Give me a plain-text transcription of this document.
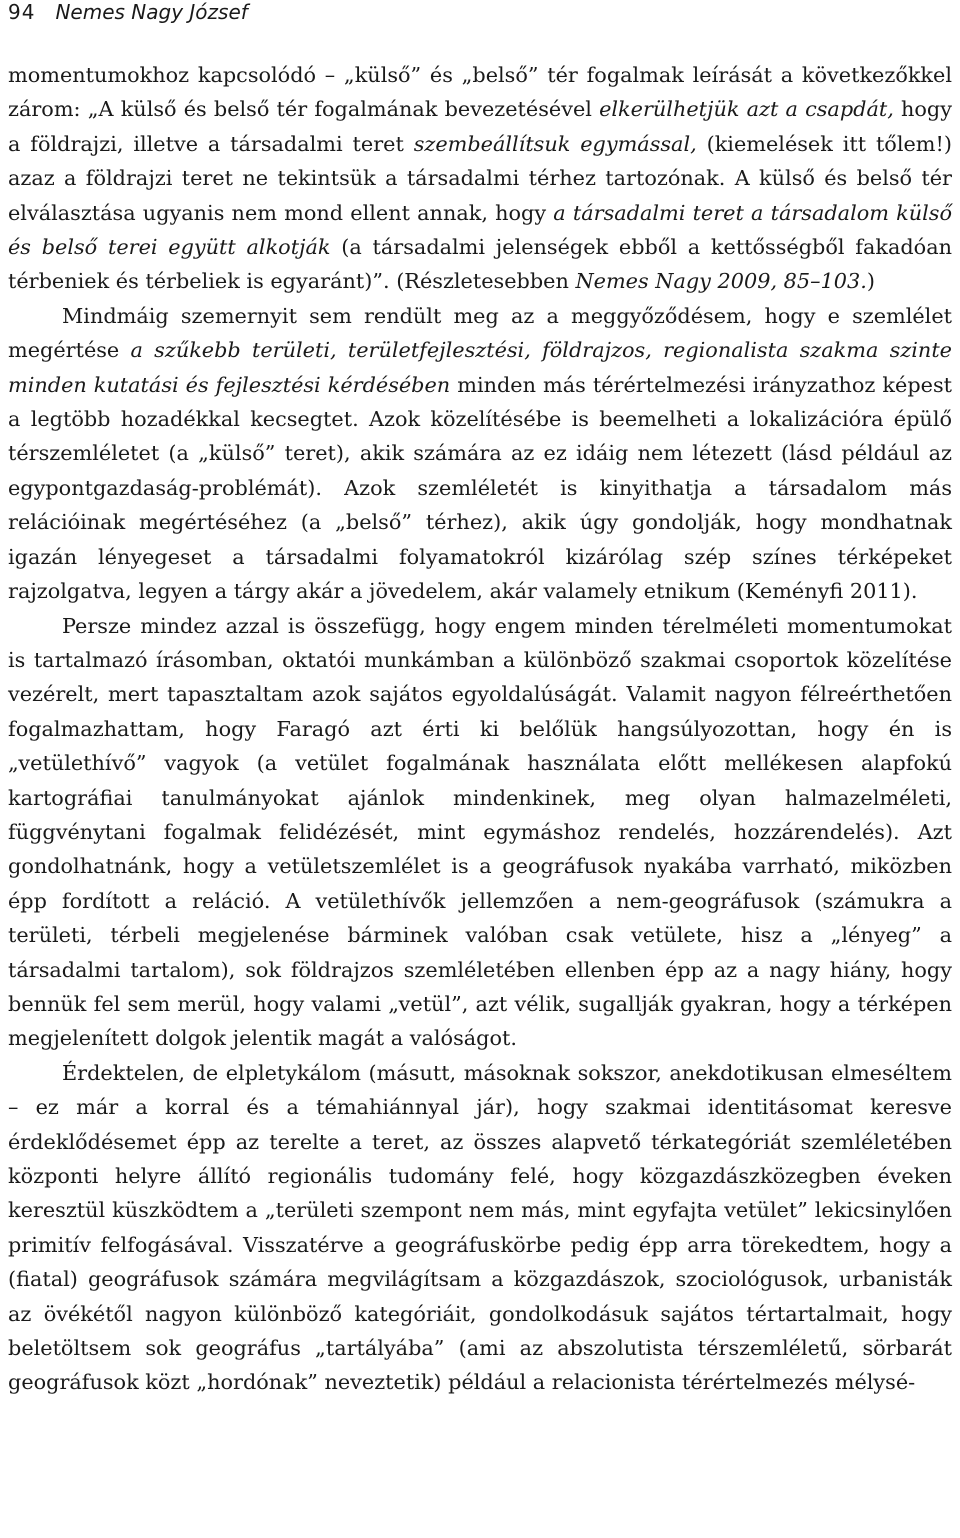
94 Nemes Nagy József

momentumokhoz kapcsolódó – „külső” és „belső” tér fogalmak leírását a következőkkel zárom: „A külső és belső tér fogalmának bevezetésével elkerülhetjük azt a csapdát, hogy a földrajzi, illetve a társadalmi teret szembeállítsuk egymással, (kiemelések itt tőlem!) azaz a földrajzi teret ne tekintsük a társadalmi térhez tartozónak. A külső és belső tér elválasztása ugyanis nem mond ellent annak, hogy a társadalmi teret a társadalom külső és belső terei együtt alkotják (a társadalmi jelenségek ebből a kettősségből fakadóan térbeniek és térbeliek is egyaránt)”. (Részletesebben Nemes Nagy 2009, 85–103.)

Mindmáig szemernyit sem rendült meg az a meggyőződésem, hogy e szemlélet megértése a szűkebb területi, területfejlesztési, földrajzos, regionalista szakma szinte minden kutatási és fejlesztési kérdésében minden más térértelmezési irányzathoz képest a legtöbb hozadékkal kecsegtet. Azok közelítésébe is beemelheti a lokalizációra épülő térszemléletet (a „külső” teret), akik számára az ez idáig nem létezett (lásd például az egypontgazdaság-problémát). Azok szemléletét is kinyithatja a társadalom más relációinak megértéséhez (a „belső” térhez), akik úgy gondolják, hogy mondhatnak igazán lényegeset a társadalmi folyamatokról kizárólag szép színes térképeket rajzolgatva, legyen a tárgy akár a jövedelem, akár valamely etnikum (Keményfi 2011).

Persze mindez azzal is összefügg, hogy engem minden térelméleti momentumokat is tartalmazó írásomban, oktatói munkámban a különböző szakmai csoportok közelítése vezérelt, mert tapasztaltam azok sajátos egyoldalúságát. Valamit nagyon félreérthetően fogalmazhattam, hogy Faragó azt érti ki belőlük hangsúlyozottan, hogy én is „vetülethívő” vagyok (a vetület fogalmának használata előtt mellékesen alapfokú kartográfiai tanulmányokat ajánlok mindenkinek, meg olyan halmazelméleti, függvénytani fogalmak felidézését, mint egymáshoz rendelés, hozzárendelés). Azt gondolhatnánk, hogy a vetületszemlélet is a geográfusok nyakába varrható, miközben épp fordított a reláció. A vetülethívők jellemzően a nem-geográfusok (számukra a területi, térbeli megjelenése bárminek valóban csak vetülete, hisz a „lényeg” a társadalmi tartalom), sok földrajzos szemléletében ellenben épp az a nagy hiány, hogy bennük fel sem merül, hogy valami „vetül”, azt vélik, sugallják gyakran, hogy a térképen megjelenített dolgok jelentik magát a valóságot.

Érdektelen, de elpletykálom (másutt, másoknak sokszor, anekdotikusan elmeséltem – ez már a korral és a témahiánnyal jár), hogy szakmai identitásomat keresve érdeklődésemet épp az terelte a teret, az összes alapvető térkategóriát szemléletében központi helyre állító regionális tudomány felé, hogy közgazdászközegben éveken keresztül küszködtem a „területi szempont nem más, mint egyfajta vetület” lekicsinylően primitív felfogásával. Visszatérve a geográfuskörbe pedig épp arra törekedtem, hogy a (fiatal) geográfusok számára megvilágítsam a közgazdászok, szociológusok, urbanisták az övékétől nagyon különböző kategóriáit, gondolkodásuk sajátos tértartalmait, hogy beletöltsem sok geográfus „tartályába” (ami az abszolutista térszemléletű, sörbarát geográfusok közt „hordónak” neveztetik) például a relacionista térértelmezés mélysé-
